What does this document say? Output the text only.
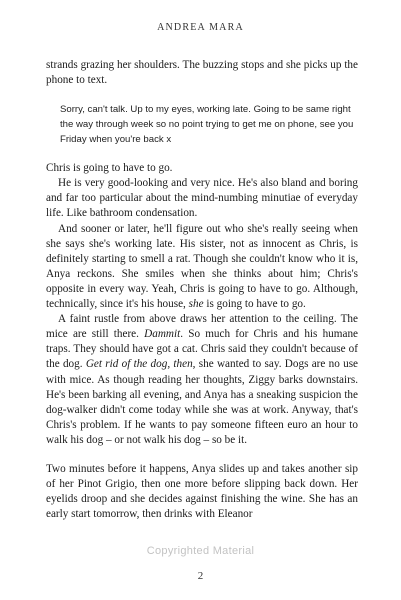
ANDREA MARA

strands grazing her shoulders. The buzzing stops and she picks up the phone to text.

Sorry, can't talk. Up to my eyes, working late. Going to be same right the way through week so no point trying to get me on phone, see you Friday when you're back x

Chris is going to have to go.

He is very good-looking and very nice. He's also bland and boring and far too particular about the mind-numbing minutiae of everyday life. Like bathroom condensation.

And sooner or later, he'll figure out who she's really seeing when she says she's working late. His sister, not as innocent as Chris, is definitely starting to smell a rat. Though she couldn't know who it is, Anya reckons. She smiles when she thinks about him; Chris's opposite in every way. Yeah, Chris is going to have to go. Although, technically, since it's his house, she is going to have to go.

A faint rustle from above draws her attention to the ceiling. The mice are still there. Dammit. So much for Chris and his humane traps. They should have got a cat. Chris said they couldn't because of the dog. Get rid of the dog, then, she wanted to say. Dogs are no use with mice. As though reading her thoughts, Ziggy barks downstairs. He's been barking all evening, and Anya has a sneaking suspicion the dog-walker didn't come today while she was at work. Anyway, that's Chris's problem. If he wants to pay someone fifteen euro an hour to walk his dog – or not walk his dog – so be it.

Two minutes before it happens, Anya slides up and takes another sip of her Pinot Grigio, then one more before slipping back down. Her eyelids droop and she decides against finishing the wine. She has an early start tomorrow, then drinks with Eleanor

Copyrighted Material
2
